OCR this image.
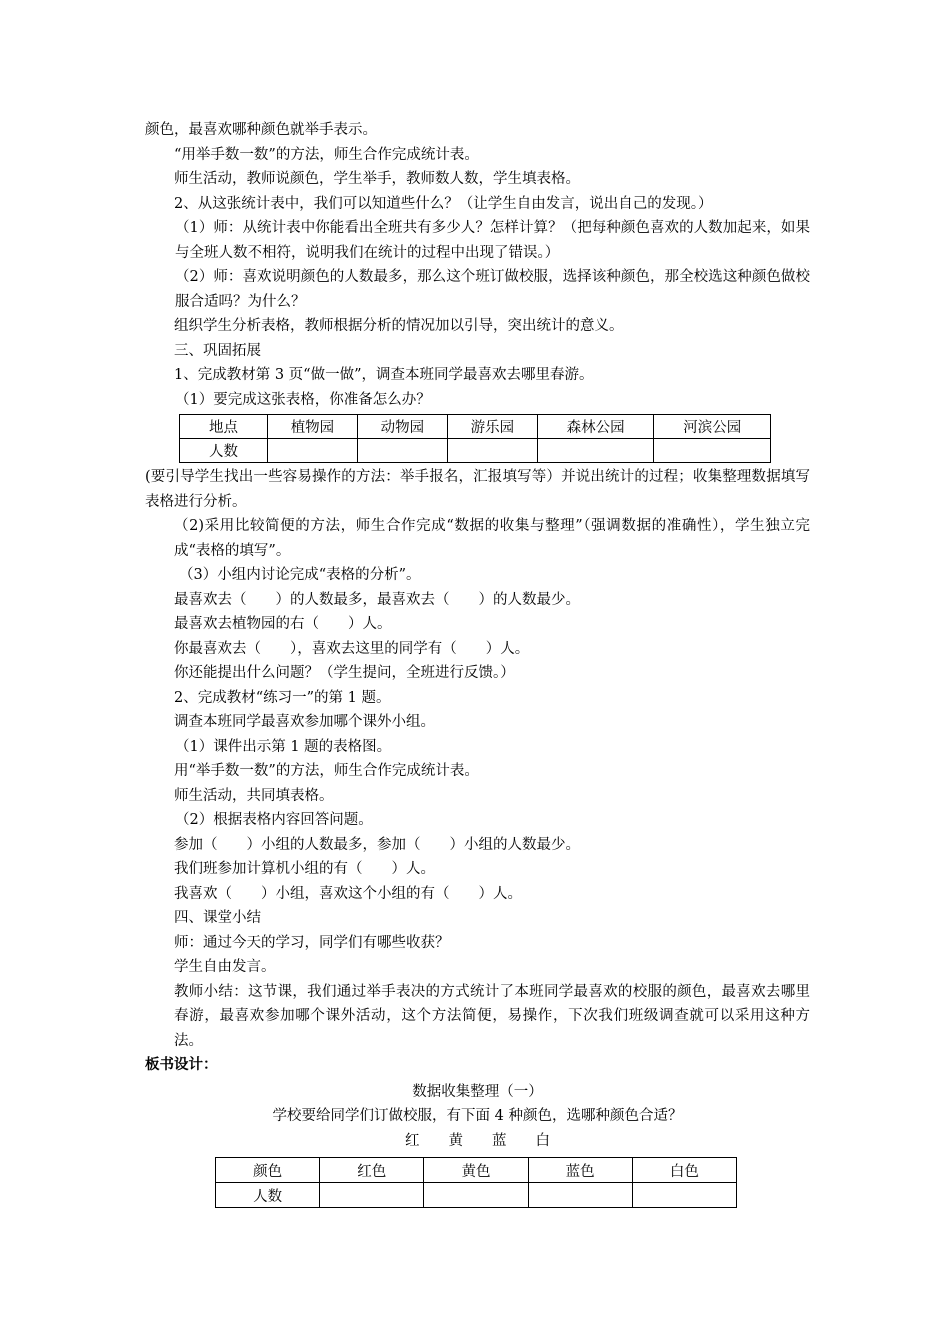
颜色，最喜欢哪种颜色就举手表示。
“用举手数一数”的方法，师生合作完成统计表。
师生活动，教师说颜色，学生举手，教师数人数，学生填表格。
2、从这张统计表中，我们可以知道些什么？（让学生自由发言，说出自己的发现。）
（1）师：从统计表中你能看出全班共有多少人？怎样计算？（把每种颜色喜欢的人数加起来，如果与全班人数不相符，说明我们在统计的过程中出现了错误。）
（2）师：喜欢说明颜色的人数最多，那么这个班订做校服，选择该种颜色，那全校选这种颜色做校服合适吗？为什么？
组织学生分析表格，教师根据分析的情况加以引导，突出统计的意义。
三、巩固拓展
1、完成教材第 3 页“做一做”，调查本班同学最喜欢去哪里春游。
（1）要完成这张表格，你准备怎么办？
地点	植物园	动物园	游乐园	森林公园	河滨公园
人数					
(要引导学生找出一些容易操作的方法：举手报名，汇报填写等）并说出统计的过程；收集整理数据填写表格进行分析。
（2)采用比较简便的方法，师生合作完成“数据的收集与整理”（强调数据的准确性），学生独立完成“表格的填写”。
（3）小组内讨论完成“表格的分析”。
最喜欢去（　　）的人数最多，最喜欢去（　　）的人数最少。
最喜欢去植物园的右（　　）人。
你最喜欢去（　　），喜欢去这里的同学有（　　）人。
你还能提出什么问题？（学生提问，全班进行反馈。）
2、完成教材“练习一”的第 1 题。
调查本班同学最喜欢参加哪个课外小组。
（1）课件出示第 1 题的表格图。
用“举手数一数”的方法，师生合作完成统计表。
师生活动，共同填表格。
（2）根据表格内容回答问题。
参加（　　）小组的人数最多，参加（　　）小组的人数最少。
我们班参加计算机小组的有（　　）人。
我喜欢（　　）小组，喜欢这个小组的有（　　）人。
四、课堂小结
师：通过今天的学习，同学们有哪些收获？
学生自由发言。
教师小结：这节课，我们通过举手表决的方式统计了本班同学最喜欢的校服的颜色，最喜欢去哪里春游，最喜欢参加哪个课外活动，这个方法简便，易操作，下次我们班级调查就可以采用这种方法。
板书设计：
数据收集整理（一）
学校要给同学们订做校服，有下面 4 种颜色，选哪种颜色合适？
红　　黄　　蓝　　白
颜色	红色	黄色	蓝色	白色
人数				
